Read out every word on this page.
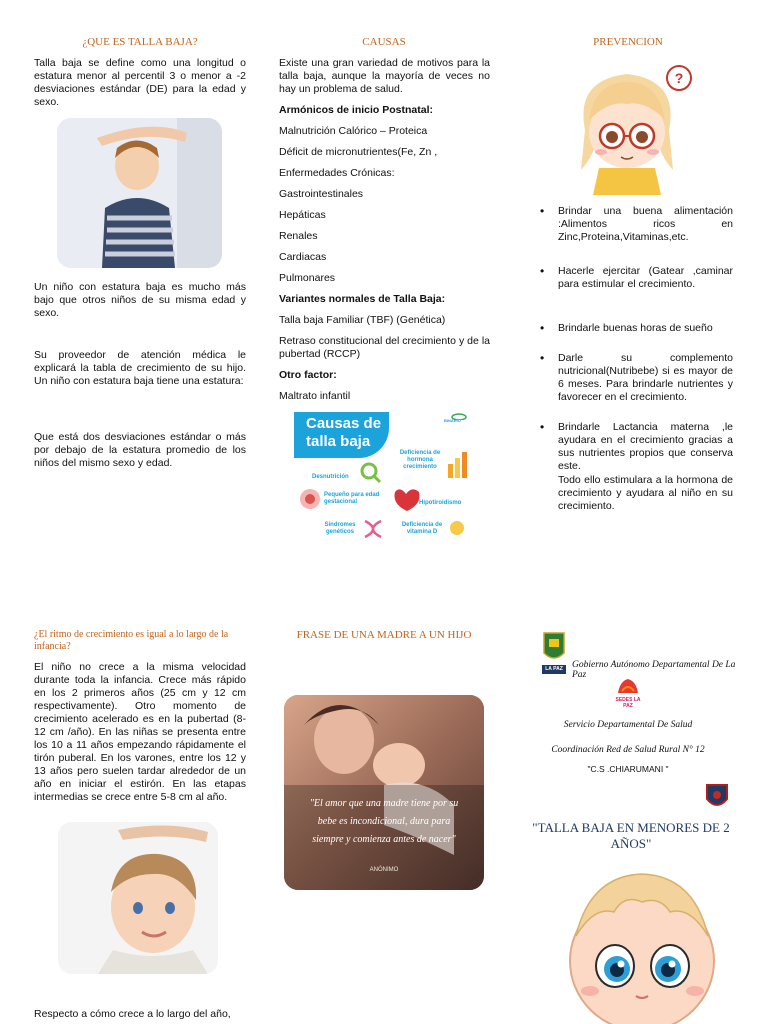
¿QUE ES TALLA BAJA?

Talla baja se define como una longitud o estatura menor al percentil 3 o menor a -2 desviaciones estándar (DE) para la edad y sexo.

Un niño con estatura baja es mucho más bajo que otros niños de su misma edad y sexo.

Su proveedor de atención médica le explicará la tabla de crecimiento de su hijo. Un niño con estatura baja tiene una estatura:

Que está dos desviaciones estándar o más por debajo de la estatura promedio de los niños del mismo sexo y edad.

CAUSAS

Existe una gran variedad de motivos para la talla baja, aunque la mayoría de veces no hay un problema de salud.

Armónicos de inicio Postnatal:
Malnutrición Calórico – Proteica
Déficit de micronutrientes(Fe, Zn ,
Enfermedades Crónicas:
Gastrointestinales
Hepáticas
Renales
Cardiacas
Pulmonares
Variantes normales de Talla Baja:
Talla baja Familiar (TBF) (Genética)
Retraso constitucional del crecimiento y de la pubertad (RCCP)
Otro factor:
Maltrato infantil
Causas de
talla baja
BINARIO
Deficiencia de hormona crecimiento
Desnutrición
Pequeño para edad gestacional	Hipotiroidismo
Síndromes genéticos
Deficiencia de vitamina D
PREVENCION
?
• Brindar una buena alimentación :Alimentos ricos en Zinc,Proteina,Vitaminas,etc.
• Hacerle ejercitar (Gatear ,caminar para estimular el crecimiento.
• Brindarle buenas horas de sueño
• Darle su complemento nutricional(Nutribebe) si es mayor de 6 meses. Para brindarle nutrientes y favorecer en el crecimiento.
• Brindarle Lactancia materna ,le ayudara en el crecimiento gracias a sus nutrientes propios que conserva este.

Todo ello estimulara a la hormona de crecimiento y ayudara al niño en su crecimiento.

¿El ritmo de crecimiento es igual a lo largo de la infancia?

El niño no crece a la misma velocidad durante toda la infancia. Crece más rápido en los 2 primeros años (25 cm y 12 cm respectivamente). Otro momento de crecimiento acelerado es en la pubertad (8-12 cm /año). En las niñas se presenta entre los 10 a 11 años empezando rápidamente el tirón puberal. En los varones, entre los 12 y 13 años pero suelen tardar alrededor de un año en iniciar el estirón. En las etapas intermedias se crece entre 5-8 cm al año.

Respecto a cómo crece a lo largo del año,

FRASE DE UNA MADRE A UN HIJO
"El amor que una madre tiene por su bebe es incondicional, dura para siempre y comienza antes de nacer"
ANÓNIMO
LA PAZ Gobierno Autónomo Departamental De La Paz
SEDES LA PAZ
Servicio Departamental De Salud
Coordinación Red de Salud Rural N° 12
"C.S .CHIARUMANI "
"TALLA BAJA EN MENORES DE 2 AÑOS"
